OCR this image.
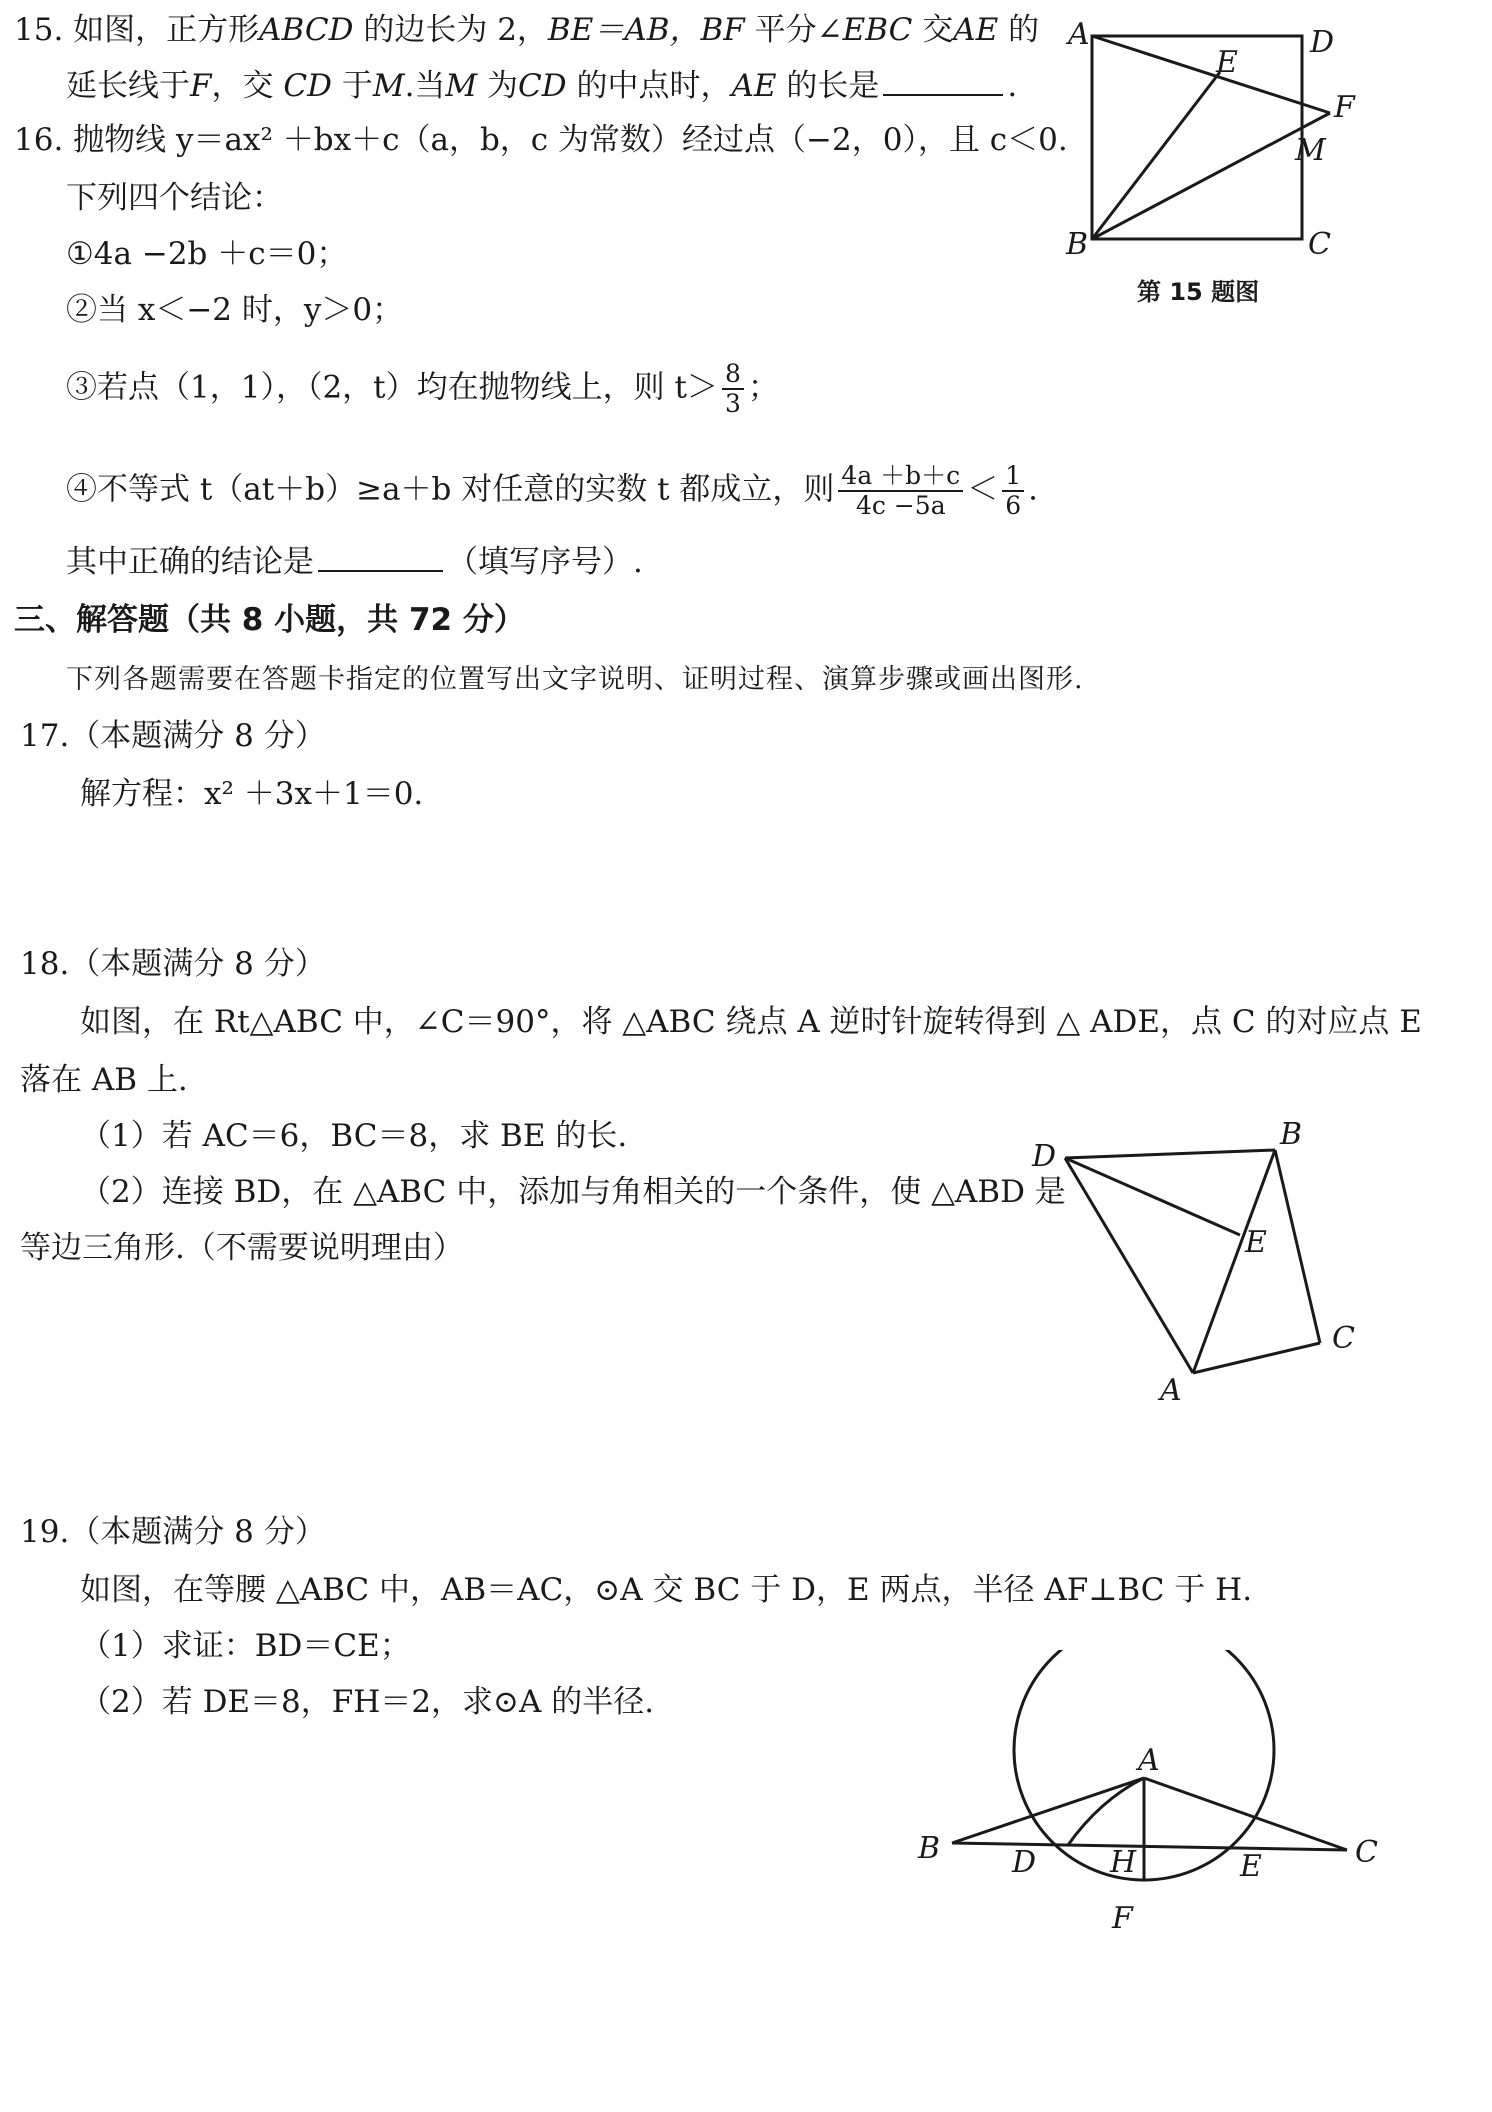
15. 如图，正方形ABCD 的边长为 2，BE＝AB，BF 平分∠EBC 交AE 的
延长线于F，交 CD 于M.当M 为CD 的中点时，AE 的长是	.
A	D
E
F
M
B	C
第 15 题图
16. 抛物线 y＝ax² ＋bx＋c（a，b，c 为常数）经过点（−2，0），且 c＜0.
下列四个结论：
①4a −2b ＋c＝0；
②当 x＜−2 时，y＞0；
③若点（1，1），（2，t）均在抛物线上，则 $t> \frac{8}{3}$ ；
④不等式 t（at＋b）≥a＋b 对任意的实数 t 都成立，则 $\frac{4a +b+c}{4c -5a} < \frac{1}{6}$ .
其中正确的结论是	（填写序号）.
三、解答题（共 8 小题，共 72 分）
下列各题需要在答题卡指定的位置写出文字说明、证明过程、演算步骤或画出图形.
17.（本题满分 8 分）
解方程：x² ＋3x＋1＝0.
18.（本题满分 8 分）
如图，在 Rt△ABC 中，∠C＝90°，将 △ABC 绕点 A 逆时针旋转得到 △ ADE，点 C 的对应点 E
落在 AB 上.
（1）若 AC＝6，BC＝8，求 BE 的长.
（2）连接 BD，在 △ABC 中，添加与角相关的一个条件，使 △ABD 是
等边三角形.（不需要说明理由）
D
B
E
C
A
19.（本题满分 8 分）
如图，在等腰 △ABC 中，AB＝AC，⊙A 交 BC 于 D，E 两点，半径 AF⊥BC 于 H.
（1）求证：BD＝CE；
（2）若 DE＝8，FH＝2，求⊙A 的半径.
A
B D H	E	C
F
